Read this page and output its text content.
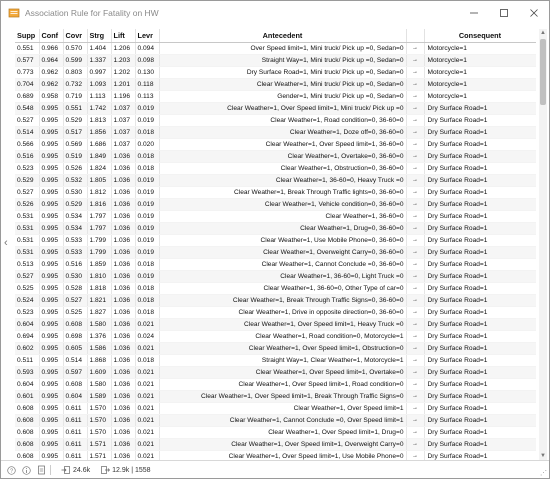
Association Rule for Fatality on HW
‹
Supp	Conf	Covr	Strg	Lift	Levr	Antecedent		Consequent
0.551	0.966	0.570	1.404	1.206	0.094	Over Speed limit=1, Mini truck/ Pick up =0, Sedan=0	→	Motorcycle=1
0.577	0.964	0.599	1.337	1.203	0.098	Straight Way=1, Mini truck/ Pick up =0, Sedan=0	→	Motorcycle=1
0.773	0.962	0.803	0.997	1.202	0.130	Dry Surface Road=1, Mini truck/ Pick up =0, Sedan=0	→	Motorcycle=1
0.704	0.962	0.732	1.093	1.201	0.118	Clear Weather=1, Mini truck/ Pick up =0, Sedan=0	→	Motorcycle=1
0.689	0.958	0.719	1.113	1.196	0.113	Gender=1, Mini truck/ Pick up =0, Sedan=0	→	Motorcycle=1
0.548	0.995	0.551	1.742	1.037	0.019	Clear Weather=1, Over Speed limit=1, Mini truck/ Pick up =0	→	Dry Surface Road=1
0.527	0.995	0.529	1.813	1.037	0.019	Clear Weather=1, Road condition=0, 36-60=0	→	Dry Surface Road=1
0.514	0.995	0.517	1.856	1.037	0.018	Clear Weather=1, Doze off=0, 36-60=0	→	Dry Surface Road=1
0.566	0.995	0.569	1.686	1.037	0.020	Clear Weather=1, Over Speed limit=1, 36-60=0	→	Dry Surface Road=1
0.516	0.995	0.519	1.849	1.036	0.018	Clear Weather=1, Overtake=0, 36-60=0	→	Dry Surface Road=1
0.523	0.995	0.526	1.824	1.036	0.018	Clear Weather=1, Obstruction=0, 36-60=0	→	Dry Surface Road=1
0.529	0.995	0.532	1.805	1.036	0.019	Clear Weather=1, 36-60=0, Heavy Truck =0	→	Dry Surface Road=1
0.527	0.995	0.530	1.812	1.036	0.019	Clear Weather=1, Break Through Traffic lights=0, 36-60=0	→	Dry Surface Road=1
0.526	0.995	0.529	1.816	1.036	0.019	Clear Weather=1, Vehicle condition=0, 36-60=0	→	Dry Surface Road=1
0.531	0.995	0.534	1.797	1.036	0.019	Clear Weather=1, 36-60=0	→	Dry Surface Road=1
0.531	0.995	0.534	1.797	1.036	0.019	Clear Weather=1, Drug=0, 36-60=0	→	Dry Surface Road=1
0.531	0.995	0.533	1.799	1.036	0.019	Clear Weather=1, Use Mobile Phone=0, 36-60=0	→	Dry Surface Road=1
0.531	0.995	0.533	1.799	1.036	0.019	Clear Weather=1, Overweight Carry=0, 36-60=0	→	Dry Surface Road=1
0.513	0.995	0.516	1.859	1.036	0.018	Clear Weather=1, Cannot Conclude =0, 36-60=0	→	Dry Surface Road=1
0.527	0.995	0.530	1.810	1.036	0.019	Clear Weather=1, 36-60=0, Light Truck =0	→	Dry Surface Road=1
0.525	0.995	0.528	1.818	1.036	0.018	Clear Weather=1, 36-60=0, Other Type of car=0	→	Dry Surface Road=1
0.524	0.995	0.527	1.821	1.036	0.018	Clear Weather=1, Break Through Traffic Signs=0, 36-60=0	→	Dry Surface Road=1
0.523	0.995	0.525	1.827	1.036	0.018	Clear Weather=1, Drive in opposite direction=0, 36-60=0	→	Dry Surface Road=1
0.604	0.995	0.608	1.580	1.036	0.021	Clear Weather=1, Over Speed limit=1, Heavy Truck =0	→	Dry Surface Road=1
0.694	0.995	0.698	1.376	1.036	0.024	Clear Weather=1, Road condition=0, Motorcycle=1	→	Dry Surface Road=1
0.602	0.995	0.605	1.586	1.036	0.021	Clear Weather=1, Over Speed limit=1, Obstruction=0	→	Dry Surface Road=1
0.511	0.995	0.514	1.868	1.036	0.018	Straight Way=1, Clear Weather=1, Motorcycle=1	→	Dry Surface Road=1
0.593	0.995	0.597	1.609	1.036	0.021	Clear Weather=1, Over Speed limit=1, Overtake=0	→	Dry Surface Road=1
0.604	0.995	0.608	1.580	1.036	0.021	Clear Weather=1, Over Speed limit=1, Road condition=0	→	Dry Surface Road=1
0.601	0.995	0.604	1.589	1.036	0.021	Clear Weather=1, Over Speed limit=1, Break Through Traffic Signs=0	→	Dry Surface Road=1
0.608	0.995	0.611	1.570	1.036	0.021	Clear Weather=1, Over Speed limit=1	→	Dry Surface Road=1
0.608	0.995	0.611	1.570	1.036	0.021	Clear Weather=1, Cannot Conclude =0, Over Speed limit=1	→	Dry Surface Road=1
0.608	0.995	0.611	1.570	1.036	0.021	Clear Weather=1, Over Speed limit=1, Drug=0	→	Dry Surface Road=1
0.608	0.995	0.611	1.571	1.036	0.021	Clear Weather=1, Over Speed limit=1, Overweight Carry=0	→	Dry Surface Road=1
0.608	0.995	0.611	1.571	1.036	0.021	Clear Weather=1, Over Speed limit=1, Use Mobile Phone=0	→	Dry Surface Road=1
▲
▼
?	24.6k	12.9k | 1558	⋰
